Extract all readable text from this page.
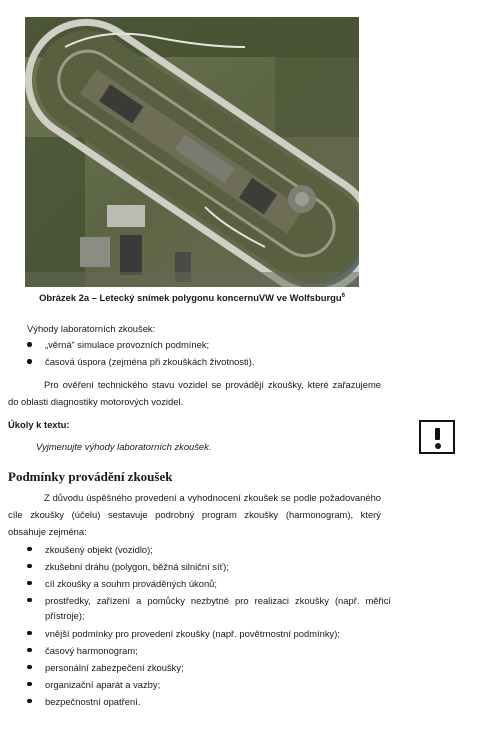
Obrázek 2a – Letecký snímek polygonu koncernuVW ve Wolfsburgu$^6$
Výhody laboratorních zkoušek:
„věrná“ simulace provozních podmínek;
časová úspora (zejména při zkouškách životnosti).
Pro ověření technického stavu vozidel se provádějí zkoušky, které zařazujeme do oblasti diagnostiky motorových vozidel.
Úkoly k textu:
Vyjmenujte výhody laboratorních zkoušek.
Podmínky provádění zkoušek
Z důvodu úspěšného provedení a vyhodnocení zkoušek se podle požadovaného cíle zkoušky (účelu) sestavuje podrobný program zkoušky (harmonogram), který obsahuje zejména:
zkoušený objekt (vozidlo);
zkušební dráhu (polygon, běžná silniční síť);
cíl zkoušky a souhrn prováděných úkonů;
prostředky, zařízení a pomůcky nezbytné pro realizaci zkoušky (např. měřicí přístroje);
vnější podmínky pro provedení zkoušky (např. povětrnostní podmínky);
časový harmonogram;
personální zabezpečení zkoušky;
organizační aparát a vazby;
bezpečnostní opatření.
